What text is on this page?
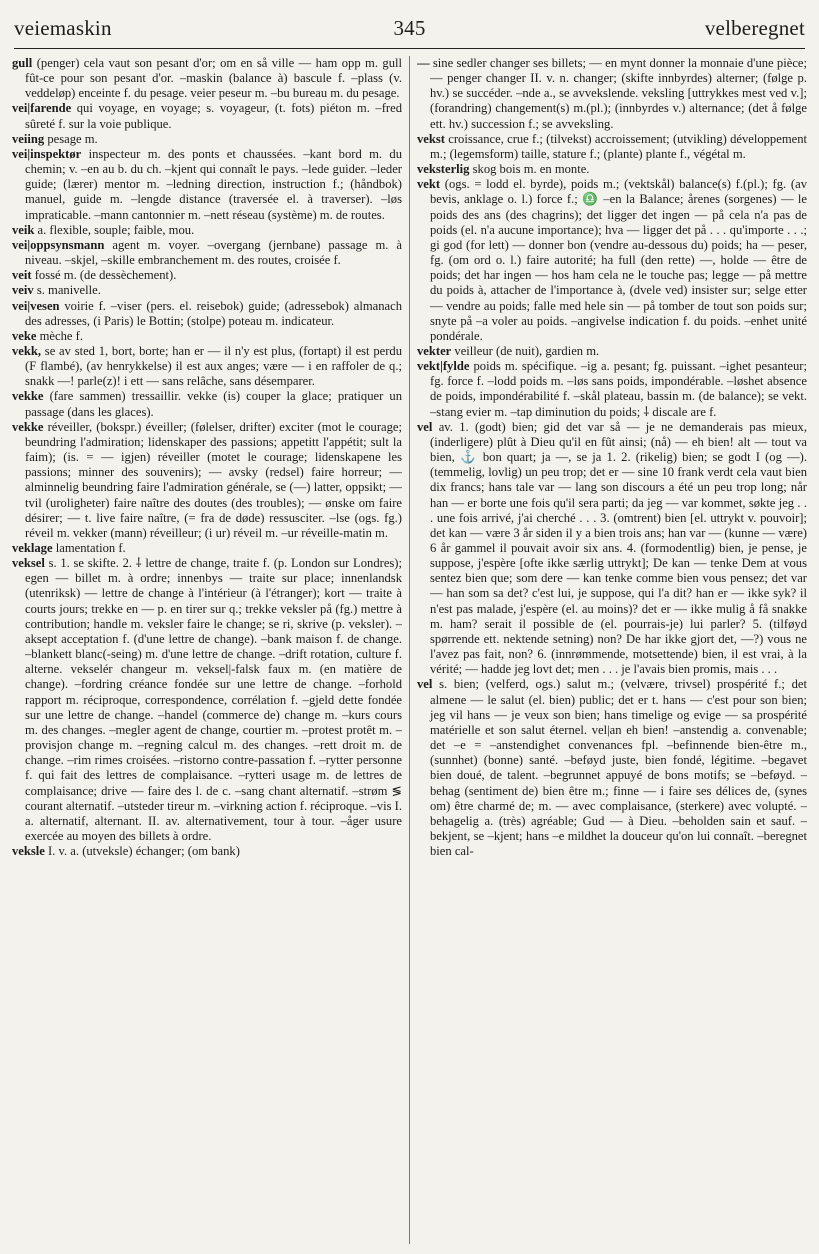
veiemaskin	345	velberegnet

gull (penger) cela vaut son pesant d'or; om en så ville — ham opp m. gull fût-ce pour son pesant d'or. –maskin (balance à) bascule f. –plass (v. veddeløp) enceinte f. du pesage. veier peseur m. –bu bureau m. du pesage.

vei|farende qui voyage, en voyage; s. voyageur, (t. fots) piéton m. –fred sûreté f. sur la voie publique.

veiing pesage m.

vei|inspektør inspecteur m. des ponts et chaussées. –kant bord m. du chemin; v. –en au b. du ch. –kjent qui connaît le pays. –lede guider. –leder guide; (lærer) mentor m. –ledning direction, instruction f.; (håndbok) manuel, guide m. –lengde distance (traversée el. à traverser). –løs impraticable. –mann cantonnier m. –nett réseau (système) m. de routes.

veik a. flexible, souple; faible, mou.

vei|oppsynsmann agent m. voyer. –overgang (jernbane) passage m. à niveau. –skjel, –skille embranchement m. des routes, croisée f.

veit fossé m. (de dessèchement).

veiv s. manivelle.

vei|vesen voirie f. –viser (pers. el. reisebok) guide; (adressebok) almanach des adresses, (i Paris) le Bottin; (stolpe) poteau m. indicateur.

veke mèche f.

vekk, se av sted 1, bort, borte; han er — il n'y est plus, (fortapt) il est perdu (F flambé), (av henrykkelse) il est aux anges; være — i en raffoler de q.; snakk —! parle(z)! i ett — sans relâche, sans désemparer.

vekke (fare sammen) tressaillir. vekke (is) couper la glace; pratiquer un passage (dans les glaces).

vekke réveiller, (bokspr.) éveiller; (følelser, drifter) exciter (mot le courage; beundring l'admiration; lidenskaper des passions; appetitt l'appétit; sult la faim); (is. = — igjen) réveiller (motet le courage; lidenskapene les passions; minner des souvenirs); — avsky (redsel) faire horreur; — alminnelig beundring faire l'admiration générale, se (—) latter, oppsikt; — tvil (uroligheter) faire naître des doutes (des troubles); — ønske om faire désirer; — t. live faire naître, (= fra de døde) ressusciter. –lse (ogs. fg.) réveil m. vekker (mann) réveilleur; (i ur) réveil m. –ur réveille-matin m.

veklage lamentation f.

veksel s. 1. se skifte. 2. ⸸ lettre de change, traite f. (p. London sur Londres); egen — billet m. à ordre; innenbys — traite sur place; innenlandsk (utenriksk) — lettre de change à l'intérieur (à l'étranger); kort — traite à courts jours; trekke en — p. en tirer sur q.; trekke veksler på (fg.) mettre à contribution; handle m. veksler faire le change; se ri, skrive (p. veksler). –aksept acceptation f. (d'une lettre de change). –bank maison f. de change. –blankett blanc(-seing) m. d'une lettre de change. –drift rotation, culture f. alterne. vekselér changeur m. veksel|-falsk faux m. (en matière de change). –fordring créance fondée sur une lettre de change. –forhold rapport m. réciproque, correspondence, corrélation f. –gjeld dette fondée sur une lettre de change. –handel (commerce de) change m. –kurs cours m. des changes. –megler agent de change, courtier m. –protest protêt m. –provisjon change m. –regning calcul m. des changes. –rett droit m. de change. –rim rimes croisées. –ristorno contre-passation f. –rytter personne f. qui fait des lettres de complaisance. –rytteri usage m. de lettres de complaisance; drive — faire des l. de c. –sang chant alternatif. –strøm ≶ courant alternatif. –utsteder tireur m. –virkning action f. réciproque. –vis I. a. alternatif, alternant. II. av. alternativement, tour à tour. –åger usure exercée au moyen des billets à ordre.

veksle I. v. a. (utveksle) échanger; (om bank)

— sine sedler changer ses billets; — en mynt donner la monnaie d'une pièce; — penger changer II. v. n. changer; (skifte innbyrdes) alterner; (følge p. hv.) se succéder. –nde a., se avvekslende. veksling [uttrykkes mest ved v.]; (forandring) changement(s) m.(pl.); (innbyrdes v.) alternance; (det å følge ett. hv.) succession f.; se avveksling.

vekst croissance, crue f.; (tilvekst) accroissement; (utvikling) développement m.; (legemsform) taille, stature f.; (plante) plante f., végétal m.

veksterlig skog bois m. en monte.

vekt (ogs. = lodd el. byrde), poids m.; (vektskål) balance(s) f.(pl.); fg. (av bevis, anklage o. l.) force f.; ♎ –en la Balance; årenes (sorgenes) — le poids des ans (des chagrins); det ligger det ingen — på cela n'a pas de poids (el. n'a aucune importance); hva — ligger det på . . . qu'importe . . .; gi god (for lett) — donner bon (vendre au-dessous du) poids; ha — peser, fg. (om ord o. l.) faire autorité; ha full (den rette) —, holde — être de poids; det har ingen — hos ham cela ne le touche pas; legge — på mettre du poids à, attacher de l'importance à, (dvele ved) insister sur; selge etter — vendre au poids; falle med hele sin — på tomber de tout son poids sur; snyte på –a voler au poids. –angivelse indication f. du poids. –enhet unité pondérale.

vekter veilleur (de nuit), gardien m.

vekt|fylde poids m. spécifique. –ig a. pesant; fg. puissant. –ighet pesanteur; fg. force f. –lodd poids m. –løs sans poids, impondérable. –løshet absence de poids, impondérabilité f. –skål plateau, bassin m. (de balance); se vekt. –stang evier m. –tap diminution du poids; ⸸ discale are f.

vel av. 1. (godt) bien; gid det var så — je ne demanderais pas mieux, (inderligere) plût à Dieu qu'il en fût ainsi; (nå) — eh bien! alt — tout va bien, ⚓ bon quart; ja —, se ja 1. 2. (rikelig) bien; se godt I (og —). (temmelig, lovlig) un peu trop; det er — sine 10 frank verdt cela vaut bien dix francs; hans tale var — lang son discours a été un peu trop long; når han — er borte une fois qu'il sera parti; da jeg — var kommet, søkte jeg . . . une fois arrivé, j'ai cherché . . . 3. (omtrent) bien [el. uttrykt v. pouvoir]; det kan — være 3 år siden il y a bien trois ans; han var — (kunne — være) 6 år gammel il pouvait avoir six ans. 4. (formodentlig) bien, je pense, je suppose, j'espère [ofte ikke særlig uttrykt]; De kan — tenke Dem at vous sentez bien que; som dere — kan tenke comme bien vous pensez; det var — han som sa det? c'est lui, je suppose, qui l'a dit? han er — ikke syk? il n'est pas malade, j'espère (el. au moins)? det er — ikke mulig å få snakke m. ham? serait il possible de (el. pourrais-je) lui parler? 5. (tilføyd spørrende ett. nektende setning) non? De har ikke gjort det, —?) vous ne l'avez pas fait, non? 6. (innrømmende, motsettende) bien, il est vrai, à la vérité; — hadde jeg lovt det; men . . . je l'avais bien promis, mais . . .

vel s. bien; (velferd, ogs.) salut m.; (velvære, trivsel) prospérité f.; det almene — le salut (el. bien) public; det er t. hans — c'est pour son bien; jeg vil hans — je veux son bien; hans timelige og evige — sa prospérité matérielle et son salut éternel. vel|an eh bien! –anstendig a. convenable; det –e = –anstendighet convenances fpl. –befinnende bien-être m., (sunnhet) (bonne) santé. –beføyd juste, bien fondé, légitime. –begavet bien doué, de talent. –begrunnet appuyé de bons motifs; se –beføyd. –behag (sentiment de) bien être m.; finne — i faire ses délices de, (synes om) être charmé de; m. — avec complaisance, (sterkere) avec volupté. –behagelig a. (très) agréable; Gud — à Dieu. –beholden sain et sauf. –bekjent, se –kjent; hans –e mildhet la douceur qu'on lui connaît. –beregnet bien cal-
